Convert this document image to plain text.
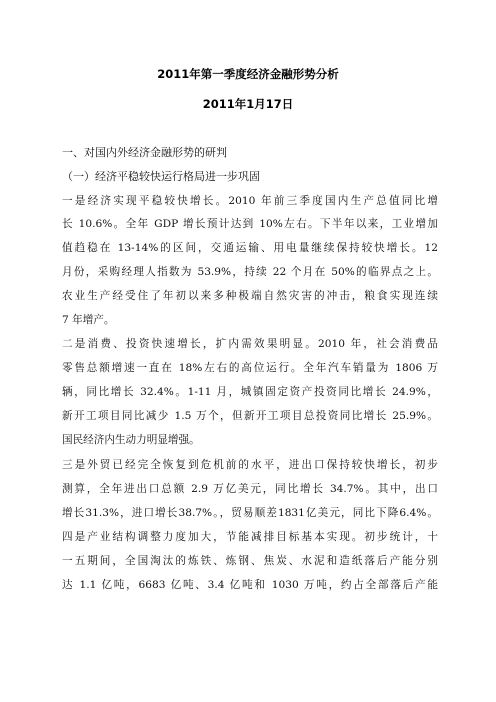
2011年第一季度经济金融形势分析
2011年1月17日
一、对国内外经济金融形势的研判
（一）经济平稳较快运行格局进一步巩固
一是经济实现平稳较快增长。2010 年前三季度国内生产总值同比增
长 10.6%。全年 GDP 增长预计达到 10%左右。下半年以来，工业增加
值趋稳在 13-14%的区间，交通运输、用电量继续保持较快增长。12
月份，采购经理人指数为 53.9%，持续 22 个月在 50%的临界点之上。
农业生产经受住了年初以来多种极端自然灾害的冲击，粮食实现连续
7 年增产。
二是消费、投资快速增长，扩内需效果明显。2010 年，社会消费品
零售总额增速一直在 18%左右的高位运行。全年汽车销量为 1806 万
辆，同比增长 32.4%。1-11 月，城镇固定资产投资同比增长 24.9%，
新开工项目同比减少 1.5 万个，但新开工项目总投资同比增长 25.9%。
国民经济内生动力明显增强。
三是外贸已经完全恢复到危机前的水平，进出口保持较快增长，初步
测算，全年进出口总额 2.9 万亿美元，同比增长 34.7%。其中，出口
增长31.3%，进口增长38.7%。，贸易顺差1831亿美元，同比下降6.4%。
四是产业结构调整力度加大，节能减排目标基本实现。初步统计，十
一五期间，全国淘汰的炼铁、炼钢、焦炭、水泥和造纸落后产能分别
达 1.1 亿吨，6683 亿吨、3.4 亿吨和 1030 万吨，约占全部落后产能
